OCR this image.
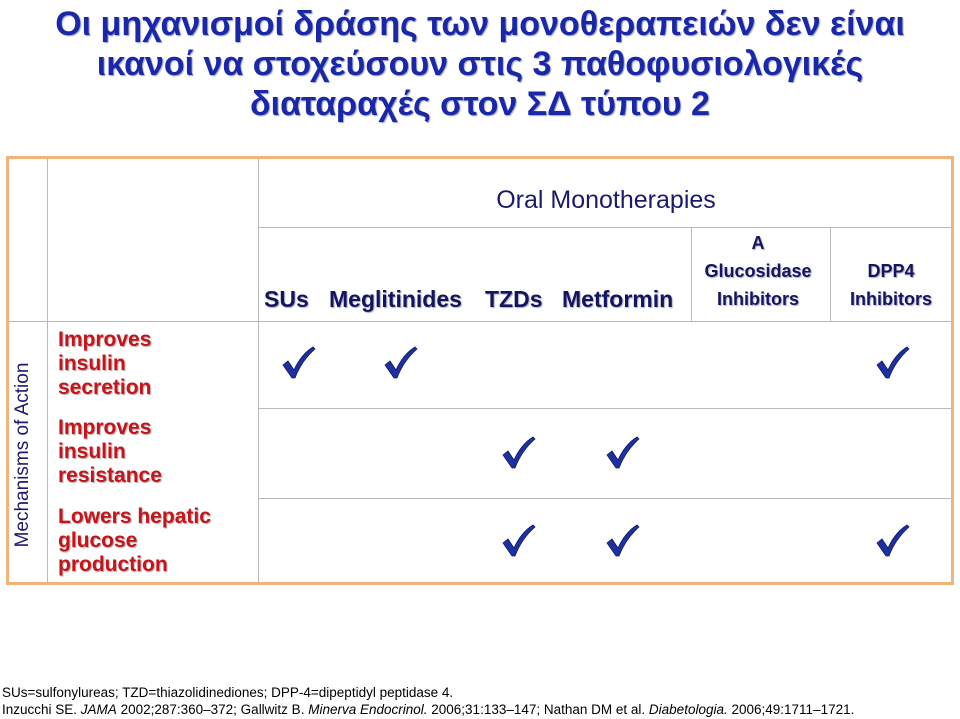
Οι μηχανισμοί δράσης των μονοθεραπειών δεν είναι
ικανοί να στοχεύσουν στις 3 παθοφυσιολογικές
διαταραχές στον ΣΔ τύπου 2
Mechanisms of Action
Oral Monotherapies
SUs Meglitinides TZDs Metformin
A
Glucosidase
Inhibitors
DPP4
Inhibitors
Improves
insulin
secretion
Improves
insulin
resistance
Lowers hepatic
glucose
production
SUs=sulfonylureas; TZD=thiazolidinediones; DPP-4=dipeptidyl peptidase 4.
Inzucchi SE. JAMA 2002;287:360–372; Gallwitz B. Minerva Endocrinol. 2006;31:133–147; Nathan DM et al. Diabetologia. 2006;49:1711–1721.
